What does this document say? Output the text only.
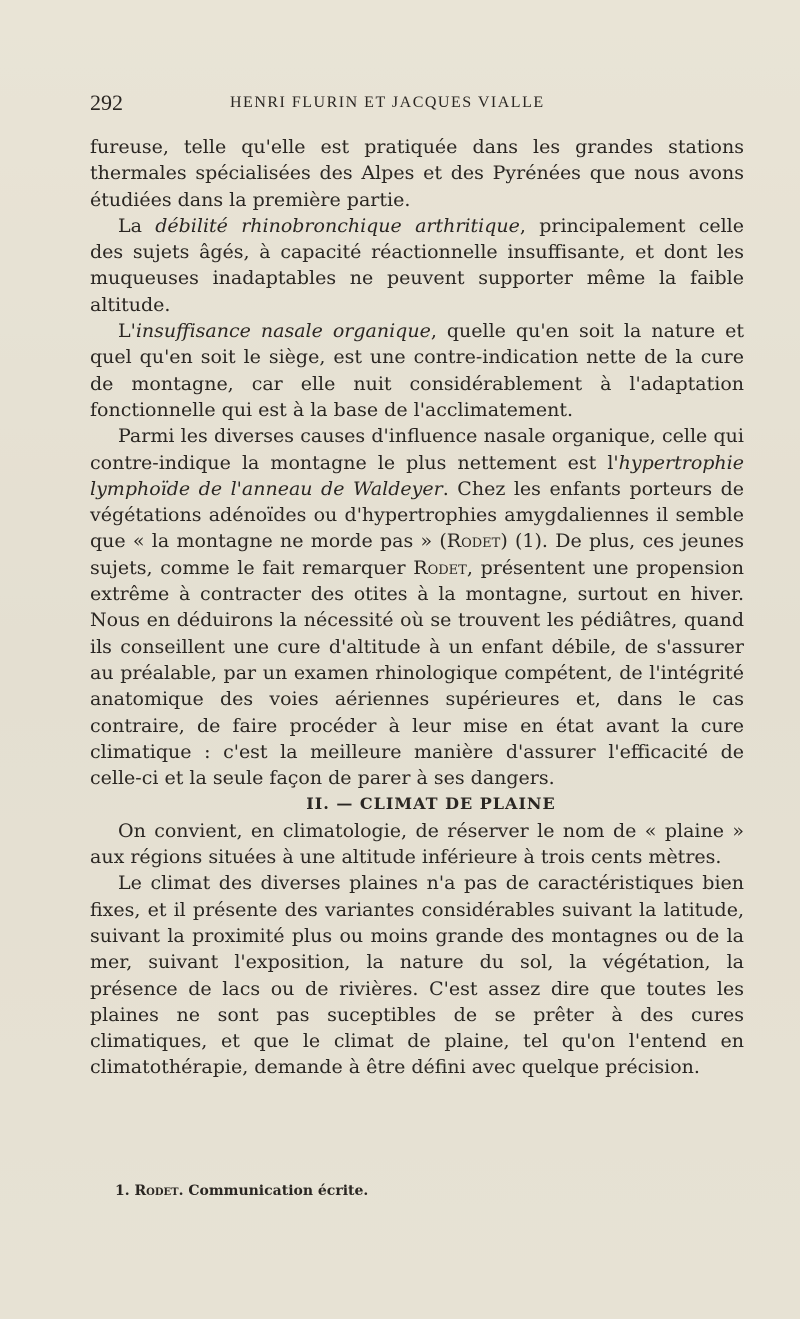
292	HENRI FLURIN ET JACQUES VIALLE

fureuse, telle qu'elle est pratiquée dans les grandes stations thermales spécialisées des Alpes et des Pyrénées que nous avons étudiées dans la première partie.

La débilité rhinobronchique arthritique, principalement celle des sujets âgés, à capacité réactionnelle insuffisante, et dont les muqueuses inadaptables ne peuvent supporter même la faible altitude.

L'insuffisance nasale organique, quelle qu'en soit la nature et quel qu'en soit le siège, est une contre-indication nette de la cure de montagne, car elle nuit considérablement à l'adaptation fonctionnelle qui est à la base de l'acclimatement.

Parmi les diverses causes d'influence nasale organique, celle qui contre-indique la montagne le plus nettement est l'hypertrophie lymphoïde de l'anneau de Waldeyer. Chez les enfants porteurs de végétations adénoïdes ou d'hypertrophies amygdaliennes il semble que « la montagne ne morde pas » (Rodet) (1). De plus, ces jeunes sujets, comme le fait remarquer Rodet, présentent une propension extrême à contracter des otites à la montagne, surtout en hiver. Nous en déduirons la nécessité où se trouvent les pédiâtres, quand ils conseillent une cure d'altitude à un enfant débile, de s'assurer au préalable, par un examen rhinologique compétent, de l'intégrité anatomique des voies aériennes supérieures et, dans le cas contraire, de faire procéder à leur mise en état avant la cure climatique : c'est la meilleure manière d'assurer l'efficacité de celle-ci et la seule façon de parer à ses dangers.

II. — CLIMAT DE PLAINE

On convient, en climatologie, de réserver le nom de « plaine » aux régions situées à une altitude inférieure à trois cents mètres.

Le climat des diverses plaines n'a pas de caractéristiques bien fixes, et il présente des variantes considérables suivant la latitude, suivant la proximité plus ou moins grande des montagnes ou de la mer, suivant l'exposition, la nature du sol, la végétation, la présence de lacs ou de rivières. C'est assez dire que toutes les plaines ne sont pas suceptibles de se prêter à des cures climatiques, et que le climat de plaine, tel qu'on l'entend en climatothérapie, demande à être défini avec quelque précision.

1. Rodet. Communication écrite.
